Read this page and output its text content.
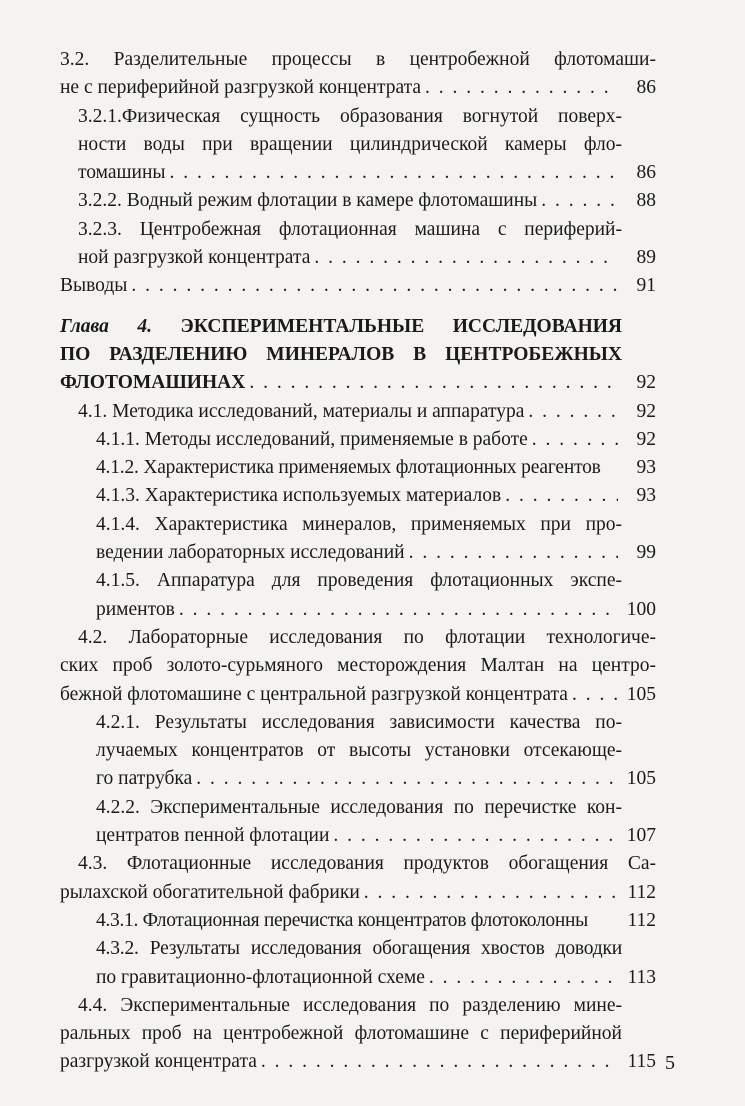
3.2. Разделительные процессы в центробежной флотомаши-
не с периферийной разгрузкой концентрата . . .	86
3.2.1.Физическая сущность образования вогнутой поверх-
ности воды при вращении цилиндрической камеры фло-
томашины . . .	86
3.2.2. Водный режим флотации в камере флотомашины . . .	88
3.2.3. Центробежная флотационная машина с периферий-
ной разгрузкой концентрата . . .	89
Выводы . . .	91
Глава 4. ЭКСПЕРИМЕНТАЛЬНЫЕ ИССЛЕДОВАНИЯ
ПО РАЗДЕЛЕНИЮ МИНЕРАЛОВ В ЦЕНТРОБЕЖНЫХ
ФЛОТОМАШИНАХ . . .	92
4.1. Методика исследований, материалы и аппаратура . . .	92
4.1.1. Методы исследований, применяемые в работе . . .	92
4.1.2. Характеристика применяемых флотационных реагентов	93
4.1.3. Характеристика используемых материалов . . .	93
4.1.4. Характеристика минералов, применяемых при про-
ведении лабораторных исследований . . .	99
4.1.5. Аппаратура для проведения флотационных экспе-
риментов . . .	100
4.2. Лабораторные исследования по флотации технологиче-
ских проб золото-сурьмяного месторождения Малтан на центро-
бежной флотомашине с центральной разгрузкой концентрата . . .	105
4.2.1. Результаты исследования зависимости качества по-
лучаемых концентратов от высоты установки отсекающе-
го патрубка . . .	105
4.2.2. Экспериментальные исследования по перечистке кон-
центратов пенной флотации . . .	107
4.3. Флотационные исследования продуктов обогащения Са-
рылахской обогатительной фабрики . . .	112
4.3.1. Флотационная перечистка концентратов флотоколонны 112
4.3.2. Результаты исследования обогащения хвостов доводки
по гравитационно-флотационной схеме . . .	113
4.4. Экспериментальные исследования по разделению мине-
ральных проб на центробежной флотомашине с периферийной
разгрузкой концентрата . . .	115 5
